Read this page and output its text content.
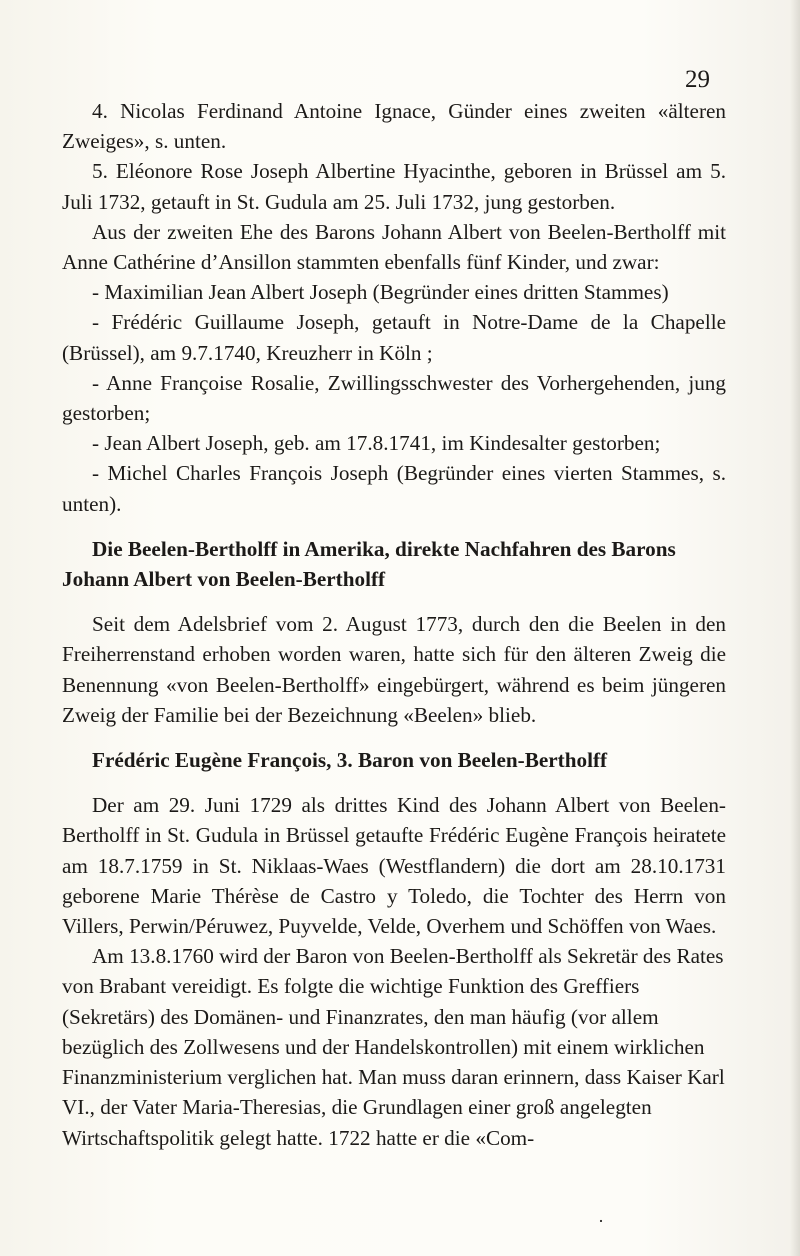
29

4. Nicolas Ferdinand Antoine Ignace, Günder eines zweiten «älteren Zweiges», s. unten.

5. Eléonore Rose Joseph Albertine Hyacinthe, geboren in Brüssel am 5. Juli 1732, getauft in St. Gudula am 25. Juli 1732, jung gestorben.

Aus der zweiten Ehe des Barons Johann Albert von Beelen-Bertholff mit Anne Cathérine d’Ansillon stammten ebenfalls fünf Kinder, und zwar:

- Maximilian Jean Albert Joseph (Begründer eines dritten Stammes)

- Frédéric Guillaume Joseph, getauft in Notre-Dame de la Chapelle (Brüssel), am 9.7.1740, Kreuzherr in Köln ;

- Anne Françoise Rosalie, Zwillingsschwester des Vorhergehenden, jung gestorben;

- Jean Albert Joseph, geb. am 17.8.1741, im Kindesalter gestorben;

- Michel Charles François Joseph (Begründer eines vierten Stammes, s. unten).

Die Beelen-Bertholff in Amerika, direkte Nachfahren des Barons Johann Albert von Beelen-Bertholff

Seit dem Adelsbrief vom 2. August 1773, durch den die Beelen in den Freiherrenstand erhoben worden waren, hatte sich für den älteren Zweig die Benennung «von Beelen-Bertholff» eingebürgert, während es beim jüngeren Zweig der Familie bei der Bezeichnung «Beelen» blieb.

Frédéric Eugène François, 3. Baron von Beelen-Bertholff

Der am 29. Juni 1729 als drittes Kind des Johann Albert von Beelen-Bertholff in St. Gudula in Brüssel getaufte Frédéric Eugène François heiratete am 18.7.1759 in St. Niklaas-Waes (Westflandern) die dort am 28.10.1731 geborene Marie Thérèse de Castro y Toledo, die Tochter des Herrn von Villers, Perwin/Péruwez, Puyvelde, Velde, Overhem und Schöffen von Waes.

Am 13.8.1760 wird der Baron von Beelen-Bertholff als Sekretär des Rates von Brabant vereidigt. Es folgte die wichtige Funktion des Greffiers (Sekretärs) des Domänen- und Finanzrates, den man häufig (vor allem bezüglich des Zollwesens und der Handelskontrollen) mit einem wirklichen Finanzministerium verglichen hat. Man muss daran erinnern, dass Kaiser Karl VI., der Vater Maria-Theresias, die Grundlagen einer groß angelegten Wirtschaftspolitik gelegt hatte. 1722 hatte er die «Com-

·
